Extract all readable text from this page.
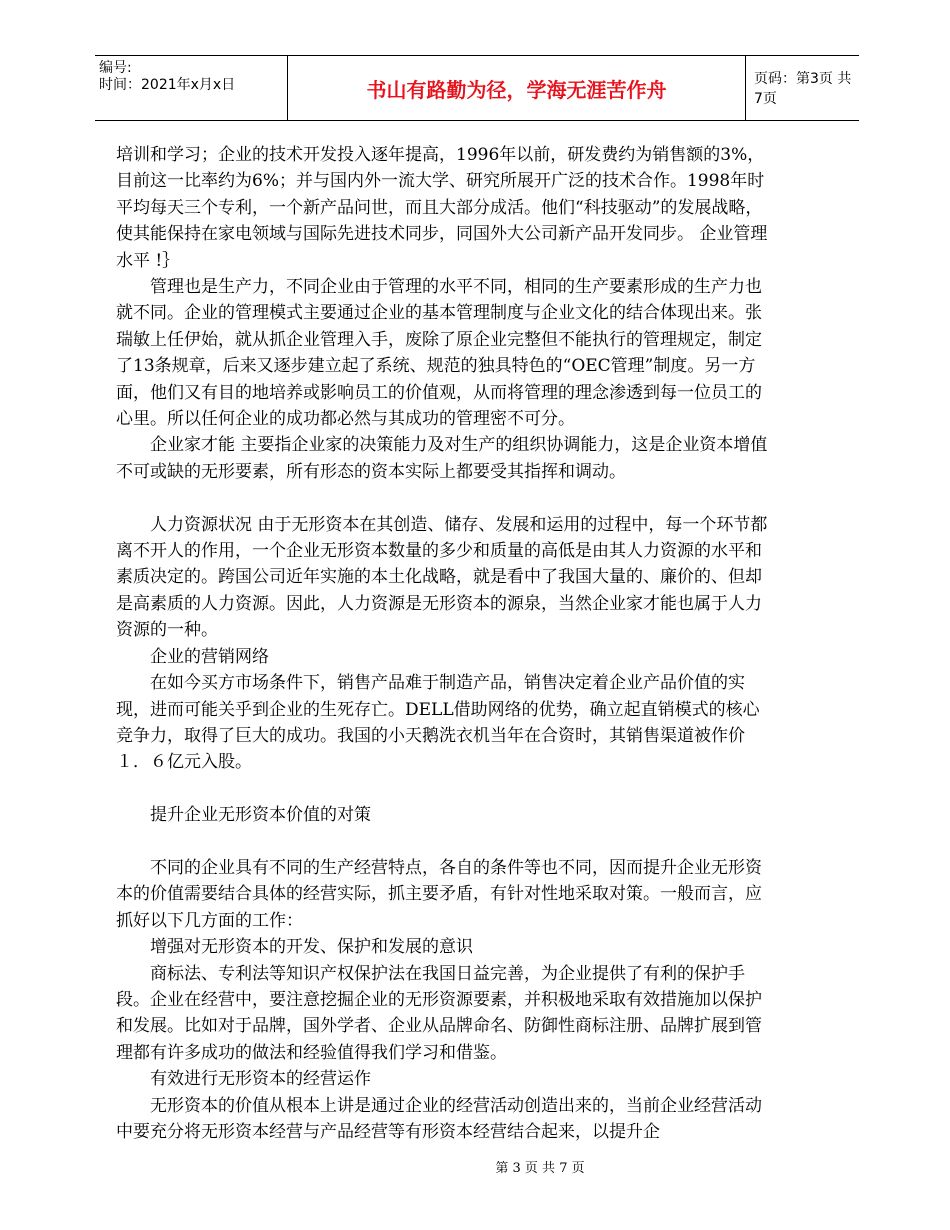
编号:
时间：2021年x月x日	书山有路勤为径，学海无涯苦作舟	页码：第3页 共7页

培训和学习；企业的技术开发投入逐年提高，1996年以前，研发费约为销售额的3%，目前这一比率约为6%；并与国内外一流大学、研究所展开广泛的技术合作。1998年时平均每天三个专利，一个新产品问世，而且大部分成活。他们“科技驱动”的发展战略，使其能保持在家电领域与国际先进技术同步，同国外大公司新产品开发同步。 企业管理水平 !｝

管理也是生产力，不同企业由于管理的水平不同，相同的生产要素形成的生产力也就不同。企业的管理模式主要通过企业的基本管理制度与企业文化的结合体现出来。张瑞敏上任伊始，就从抓企业管理入手，废除了原企业完整但不能执行的管理规定，制定了13条规章，后来又逐步建立起了系统、规范的独具特色的“OEC管理”制度。另一方面，他们又有目的地培养或影响员工的价值观，从而将管理的理念渗透到每一位员工的心里。所以任何企业的成功都必然与其成功的管理密不可分。

企业家才能 主要指企业家的决策能力及对生产的组织协调能力，这是企业资本增值不可或缺的无形要素，所有形态的资本实际上都要受其指挥和调动。

人力资源状况 由于无形资本在其创造、储存、发展和运用的过程中，每一个环节都离不开人的作用，一个企业无形资本数量的多少和质量的高低是由其人力资源的水平和素质决定的。跨国公司近年实施的本土化战略，就是看中了我国大量的、廉价的、但却是高素质的人力资源。因此，人力资源是无形资本的源泉，当然企业家才能也属于人力资源的一种。

企业的营销网络

在如今买方市场条件下，销售产品难于制造产品，销售决定着企业产品价值的实现，进而可能关乎到企业的生死存亡。DELL借助网络的优势，确立起直销模式的核心竞争力，取得了巨大的成功。我国的小天鹅洗衣机当年在合资时，其销售渠道被作价１．６亿元入股。

提升企业无形资本价值的对策

不同的企业具有不同的生产经营特点，各自的条件等也不同，因而提升企业无形资本的价值需要结合具体的经营实际，抓主要矛盾，有针对性地采取对策。一般而言，应抓好以下几方面的工作：

增强对无形资本的开发、保护和发展的意识

商标法、专利法等知识产权保护法在我国日益完善，为企业提供了有利的保护手段。企业在经营中，要注意挖掘企业的无形资源要素，并积极地采取有效措施加以保护和发展。比如对于品牌，国外学者、企业从品牌命名、防御性商标注册、品牌扩展到管理都有许多成功的做法和经验值得我们学习和借鉴。

有效进行无形资本的经营运作

无形资本的价值从根本上讲是通过企业的经营活动创造出来的，当前企业经营活动中要充分将无形资本经营与产品经营等有形资本经营结合起来，以提升企

第 3 页 共 7 页
